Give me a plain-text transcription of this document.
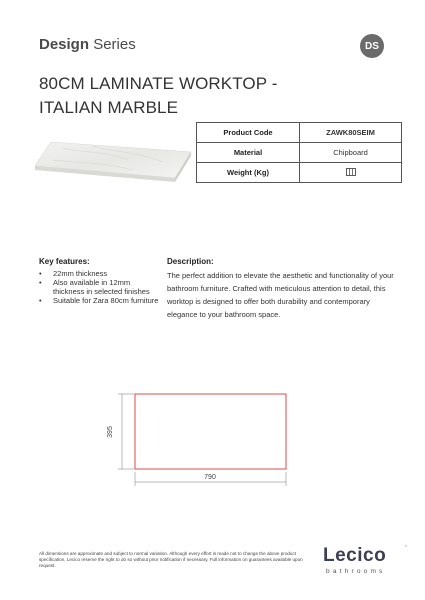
Design Series	DS
80CM LAMINATE WORKTOP -
ITALIAN MARBLE
Product Code	ZAWK80SEIM
Material	Chipboard
Weight (Kg)	
Key features:
• 22mm thickness
• Also available in 12mm thickness in selected finishes
• Suitable for Zara 80cm furniture
Description:
The perfect addition to elevate the aesthetic and functionality of your bathroom furniture. Crafted with meticulous attention to detail, this worktop is designed to offer both durability and contemporary elegance to your bathroom space.
395
790
All dimensions are approximate and subject to normal variation. Although every effort is made not to change the above product specification, Lecico reserve the right to do so without prior notification if necessary. Full information on guarantees available upon request.	Lecico
bathrooms
